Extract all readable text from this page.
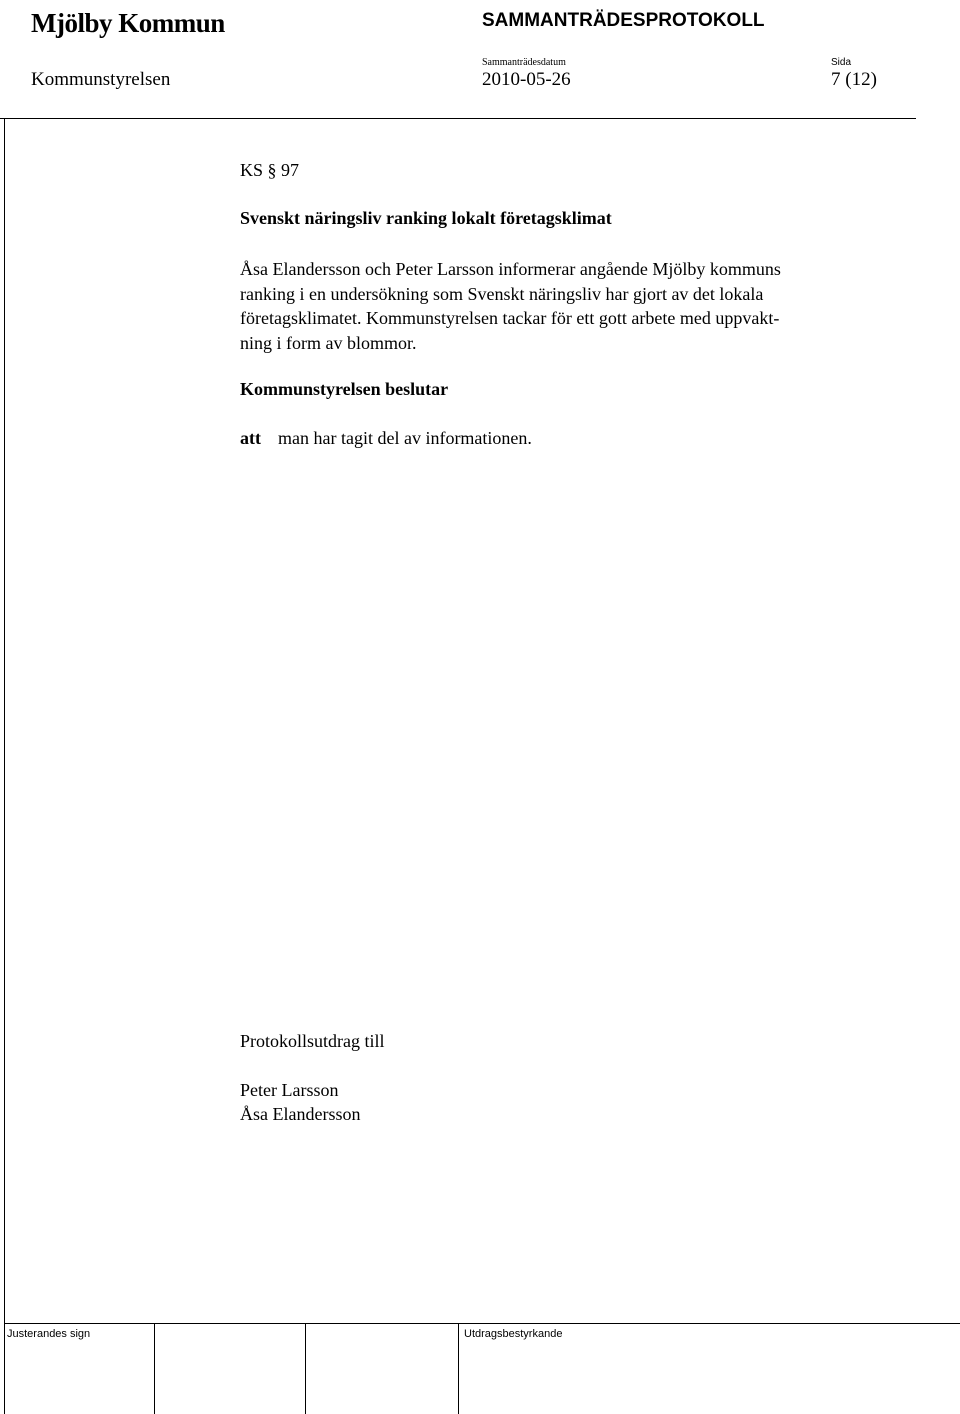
Mjölby Kommun	SAMMANTRÄDESPROTOKOLL
Sammanträdesdatum	Sida
Kommunstyrelsen	2010-05-26	7 (12)
KS § 97
Svenskt näringsliv ranking lokalt företagsklimat

Åsa Elandersson och Peter Larsson informerar angående Mjölby kommuns

ranking i en undersökning som Svenskt näringsliv har gjort av det lokala

företagsklimatet. Kommunstyrelsen tackar för ett gott arbete med uppvakt-

ning i form av blommor.

Kommunstyrelsen beslutar
att man har tagit del av informationen.
Protokollsutdrag till
Peter Larsson
Åsa Elandersson
Justerandes sign	Utdragsbestyrkande
